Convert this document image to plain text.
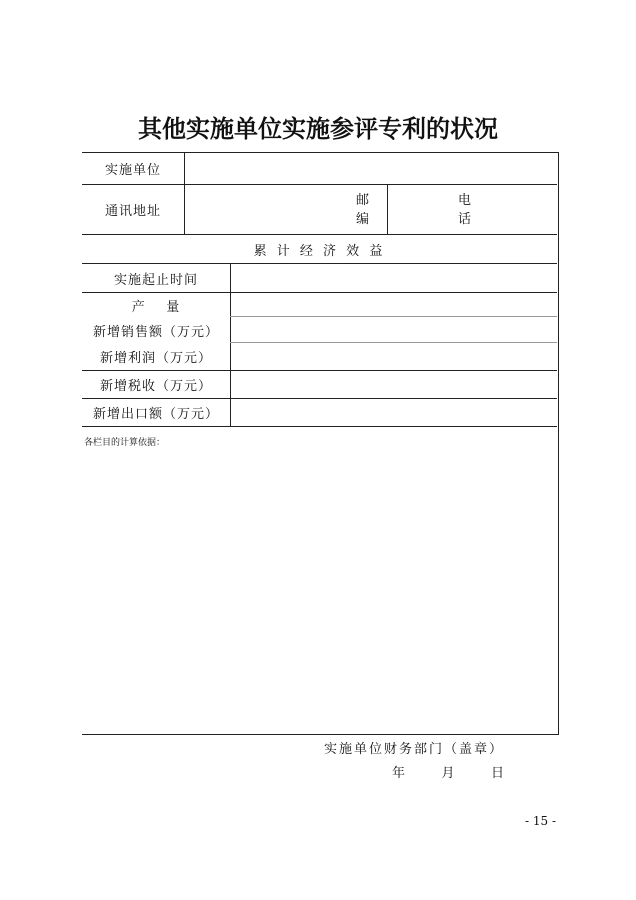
其他实施单位实施参评专利的状况
实施单位
通讯地址
邮
编
电
话
累 计 经 济 效 益
实施起止时间
产    量
新增销售额（万元）
新增利润（万元）
新增税收（万元）
新增出口额（万元）
各栏目的计算依据：
实施单位财务部门（盖章）
年    月    日
- 15 -
